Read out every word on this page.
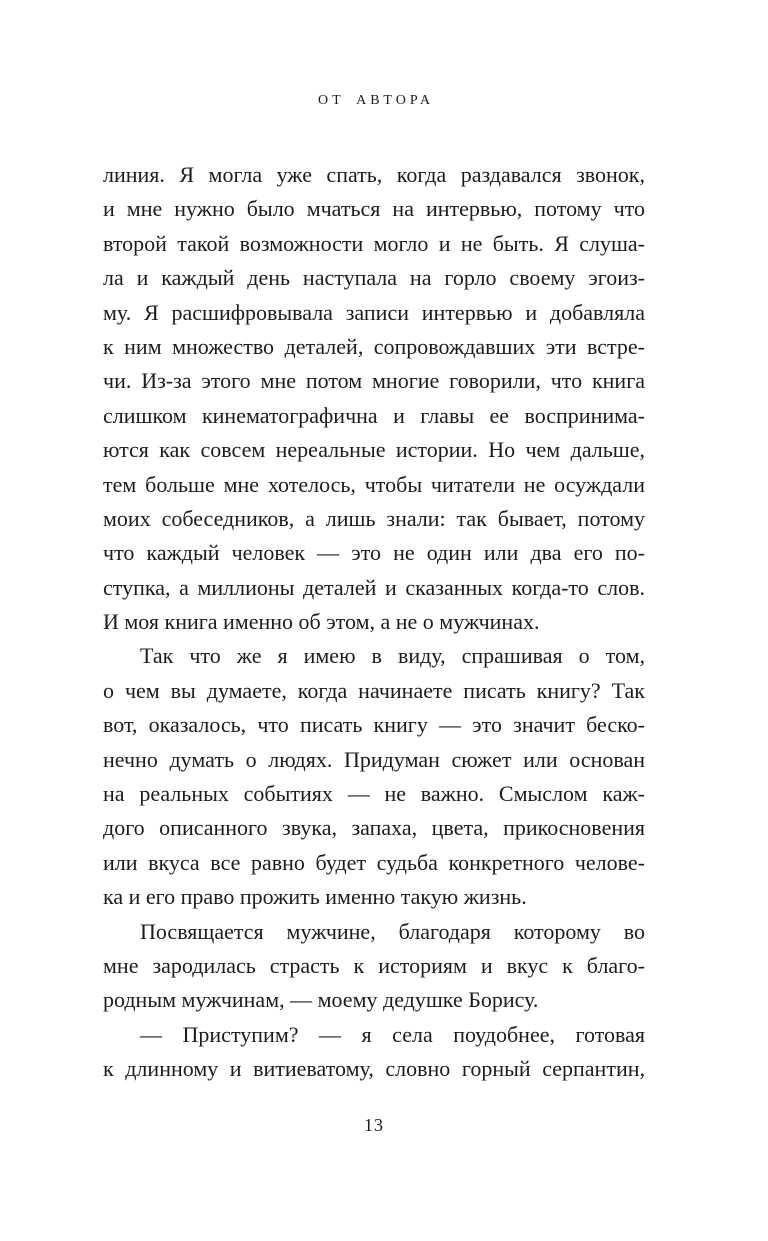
ОТ АВТОРА
линия. Я могла уже спать, когда раздавался звонок,
и мне нужно было мчаться на интервью, потому что
второй такой возможности могло и не быть. Я слуша-
ла и каждый день наступала на горло своему эгоиз-
му. Я расшифровывала записи интервью и добавляла
к ним множество деталей, сопровождавших эти встре-
чи. Из-за этого мне потом многие говорили, что книга
слишком кинематографична и главы ее воспринима-
ются как совсем нереальные истории. Но чем дальше,
тем больше мне хотелось, чтобы читатели не осуждали
моих собеседников, а лишь знали: так бывает, потому
что каждый человек — это не один или два его по-
ступка, а миллионы деталей и сказанных когда-то слов.
И моя книга именно об этом, а не о мужчинах.
Так что же я имею в виду, спрашивая о том,
о чем вы думаете, когда начинаете писать книгу? Так
вот, оказалось, что писать книгу — это значит беско-
нечно думать о людях. Придуман сюжет или основан
на реальных событиях — не важно. Смыслом каж-
дого описанного звука, запаха, цвета, прикосновения
или вкуса все равно будет судьба конкретного челове-
ка и его право прожить именно такую жизнь.
Посвящается мужчине, благодаря которому во
мне зародилась страсть к историям и вкус к благо-
родным мужчинам, — моему дедушке Борису.
— Приступим? — я села поудобнее, готовая
к длинному и витиеватому, словно горный серпантин,
13
